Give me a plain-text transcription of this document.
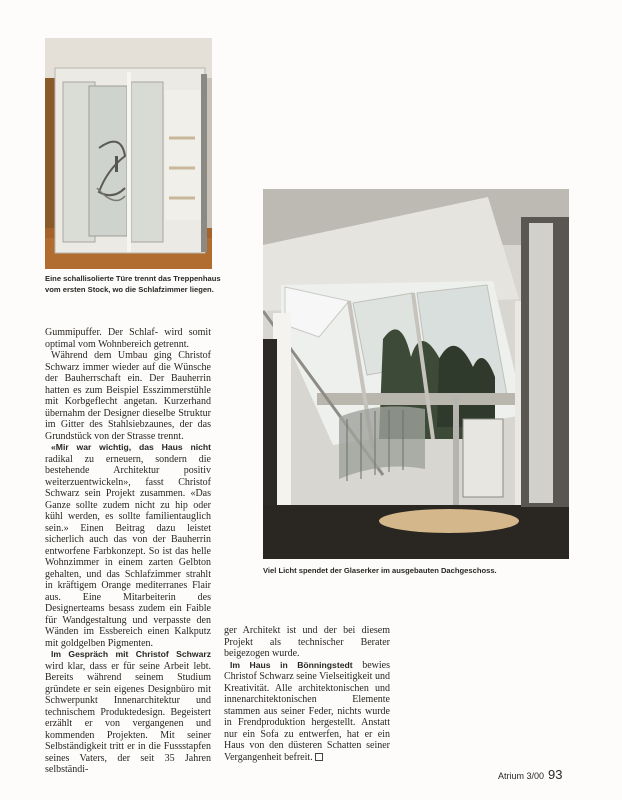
Eine schallisolierte Türe trennt das Treppenhaus vom ersten Stock, wo die Schlafzimmer liegen.

Viel Licht spendet der Glaserker im ausgebauten Dachgeschoss.

Gummipuffer. Der Schlaf- wird somit optimal vom Wohnbereich getrennt.

Während dem Umbau ging Christof Schwarz immer wieder auf die Wünsche der Bauherrschaft ein. Der Bauherrin hatten es zum Beispiel Esszimmerstühle mit Korbgeflecht angetan. Kurzerhand übernahm der Designer dieselbe Struktur im Gitter des Stahlsiebzaunes, der das Grundstück von der Strasse trennt.

«Mir war wichtig, das Haus nicht radikal zu erneuern, sondern die bestehende Architektur positiv weiterzuentwickeln», fasst Christof Schwarz sein Projekt zusammen. «Das Ganze sollte zudem nicht zu hip oder kühl werden, es sollte familientauglich sein.» Einen Beitrag dazu leistet sicherlich auch das von der Bauherrin entworfene Farbkonzept. So ist das helle Wohnzimmer in einem zarten Gelbton gehalten, und das Schlafzimmer strahlt in kräftigem Orange mediterranes Flair aus. Eine Mitarbeiterin des Designerteams besass zudem ein Faible für Wandgestaltung und verpasste den Wänden im Essbereich einen Kalkputz mit goldgelben Pigmenten.

Im Gespräch mit Christof Schwarz wird klar, dass er für seine Arbeit lebt. Bereits während seinem Studium gründete er sein eigenes Designbüro mit Schwerpunkt Innenarchitektur und technischem Produktedesign. Begeistert erzählt er von vergangenen und kommenden Projekten. Mit seiner Selbständigkeit tritt er in die Fussstapfen seines Vaters, der seit 35 Jahren selbständi-

ger Architekt ist und der bei diesem Projekt als technischer Berater beigezogen wurde.

Im Haus in Bönningstedt bewies Christof Schwarz seine Vielseitigkeit und Kreativität. Alle architektonischen und innenarchitektonischen Elemente stammen aus seiner Feder, nichts wurde in Frendproduktion hergestellt. Anstatt nur ein Sofa zu entwerfen, hat er ein Haus von den düsteren Schatten seiner Vergangenheit befreit.

Atrium 3/00 93
